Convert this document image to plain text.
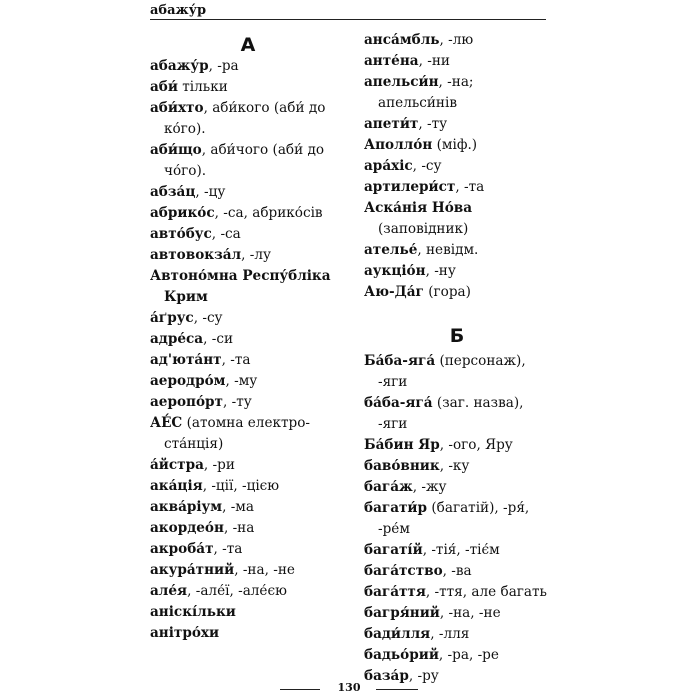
абажу́р
А

абажу́р, -ра

аби́ тільки

аби́хто, аби́кого (аби́ до ко́го).

аби́що, аби́чого (аби́ до чо́го).

абза́ц, -цу

абрико́с, -са, абрико́сів

авто́бус, -са

автовокза́л, -лу

Автоно́мна Респу́бліка Крим

а́ґрус, -су

адре́са, -си

ад'юта́нт, -та

аеродро́м, -му

аеропо́рт, -ту

АЕ́С (атомна електро-ста́нція)

а́йстра, -ри

ака́ція, -ції, -цією

аква́ріум, -ма

акордео́н, -на

акроба́т, -та

акура́тний, -на, -не

але́я, -але́ї, -але́єю

аніскі́льки

анітро́хи

анса́мбль, -лю

анте́на, -ни

апельси́н, -на; апельси́нів

апети́т, -ту

Аполло́н (міф.)

ара́хіс, -су

артилери́ст, -та

Аска́нія Но́ва (заповідник)

ателье́, невідм.

аукціо́н, -ну

Аю-Да́г (гора)

Б

Ба́ба-яга́ (персонаж), -яги

ба́ба-яга́ (заг. назва), -яги

Ба́бин Яр, -ого, Яру

баво́вник, -ку

бага́ж, -жу

багати́р (багатій), -ря́, -ре́м

багаті́й, -тія́, -тіє́м

бага́тство, -ва

бага́ття, -ття, але багать

багря́ний, -на, -не

бади́лля, -лля

бадьо́рий, -ра, -ре

база́р, -ру

130
